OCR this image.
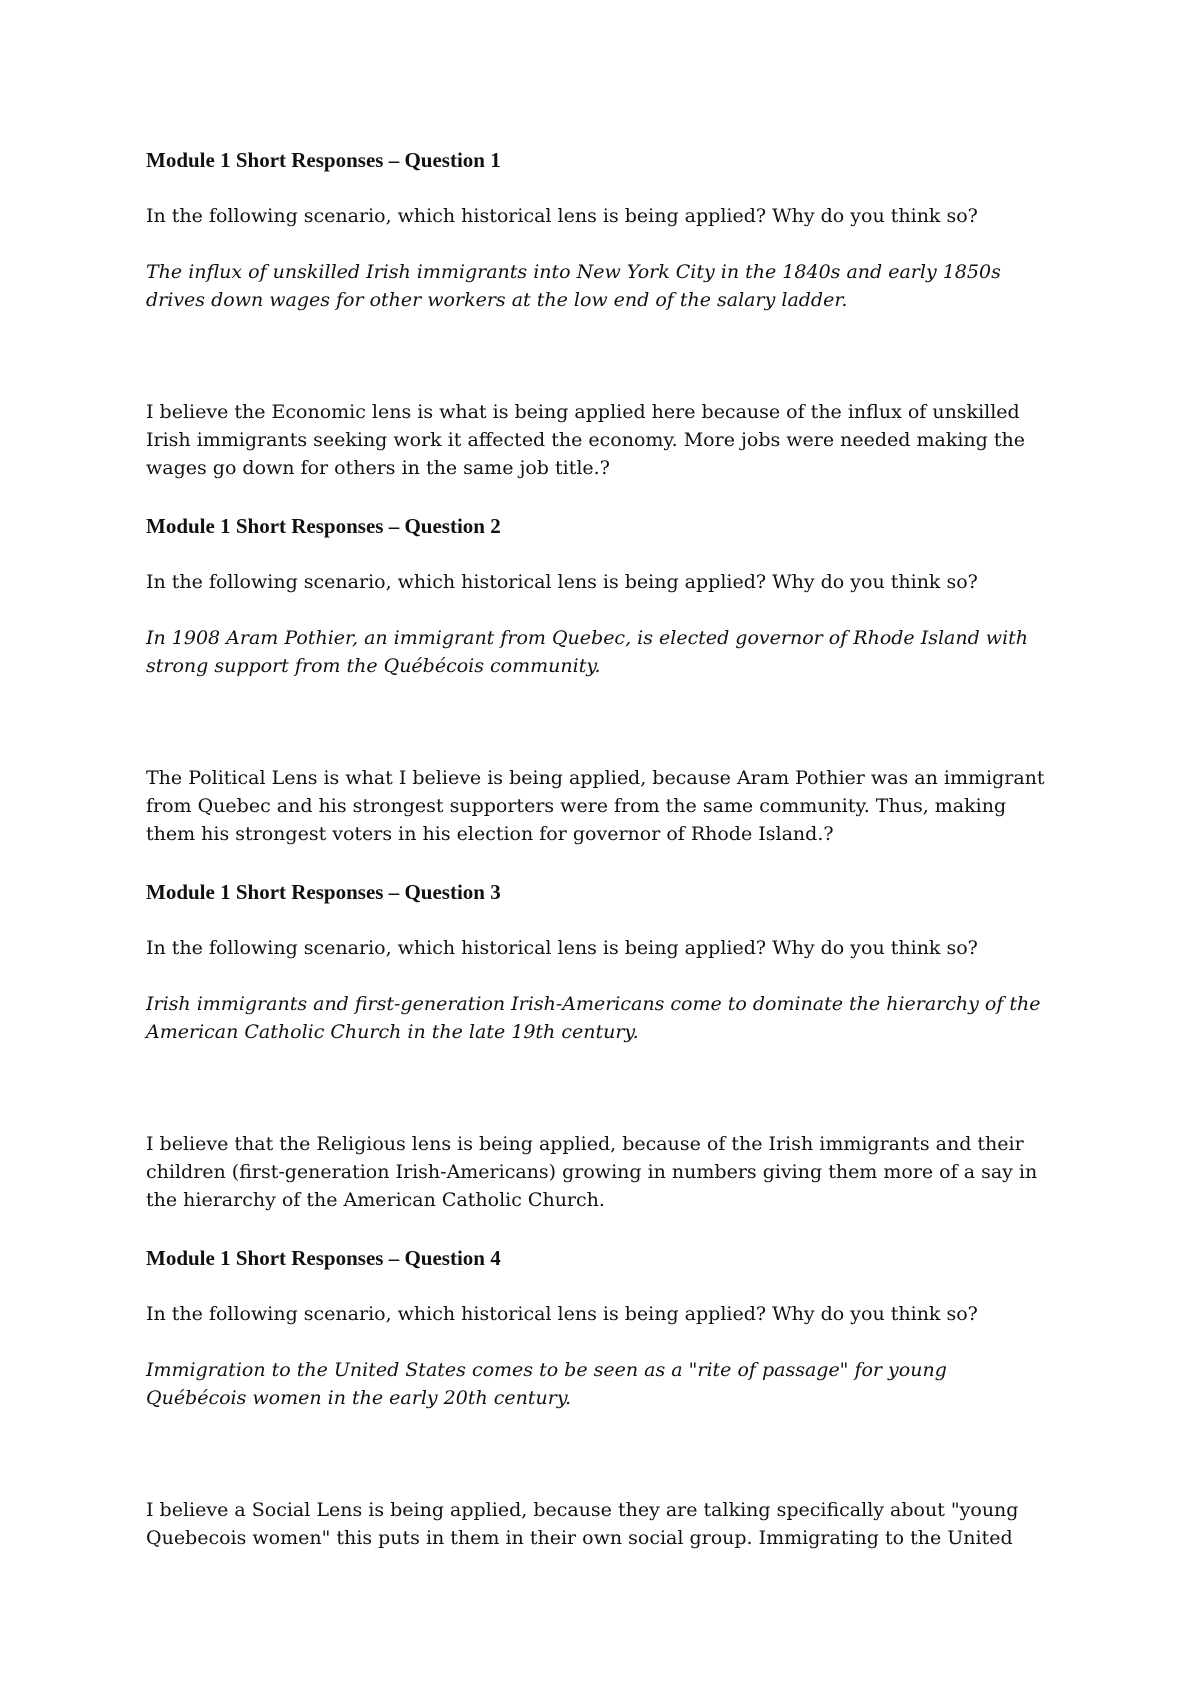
Module 1 Short Responses – Question 1

In the following scenario, which historical lens is being applied? Why do you think so?

The influx of unskilled Irish immigrants into New York City in the 1840s and early 1850s
drives down wages for other workers at the low end of the salary ladder.
I believe the Economic lens is what is being applied here because of the influx of unskilled
Irish immigrants seeking work it affected the economy. More jobs were needed making the
wages go down for others in the same job title.?

Module 1 Short Responses – Question 2

In the following scenario, which historical lens is being applied? Why do you think so?

In 1908 Aram Pothier, an immigrant from Quebec, is elected governor of Rhode Island with
strong support from the Québécois community.
The Political Lens is what I believe is being applied, because Aram Pothier was an immigrant
from Quebec and his strongest supporters were from the same community. Thus, making
them his strongest voters in his election for governor of Rhode Island.?

Module 1 Short Responses – Question 3

In the following scenario, which historical lens is being applied? Why do you think so?

Irish immigrants and first-generation Irish-Americans come to dominate the hierarchy of the
American Catholic Church in the late 19th century.
I believe that the Religious lens is being applied, because of the Irish immigrants and their
children (first-generation Irish-Americans) growing in numbers giving them more of a say in
the hierarchy of the American Catholic Church.

Module 1 Short Responses – Question 4

In the following scenario, which historical lens is being applied? Why do you think so?

Immigration to the United States comes to be seen as a "rite of passage" for young
Québécois women in the early 20th century.
I believe a Social Lens is being applied, because they are talking specifically about "young
Quebecois women" this puts in them in their own social group. Immigrating to the United
